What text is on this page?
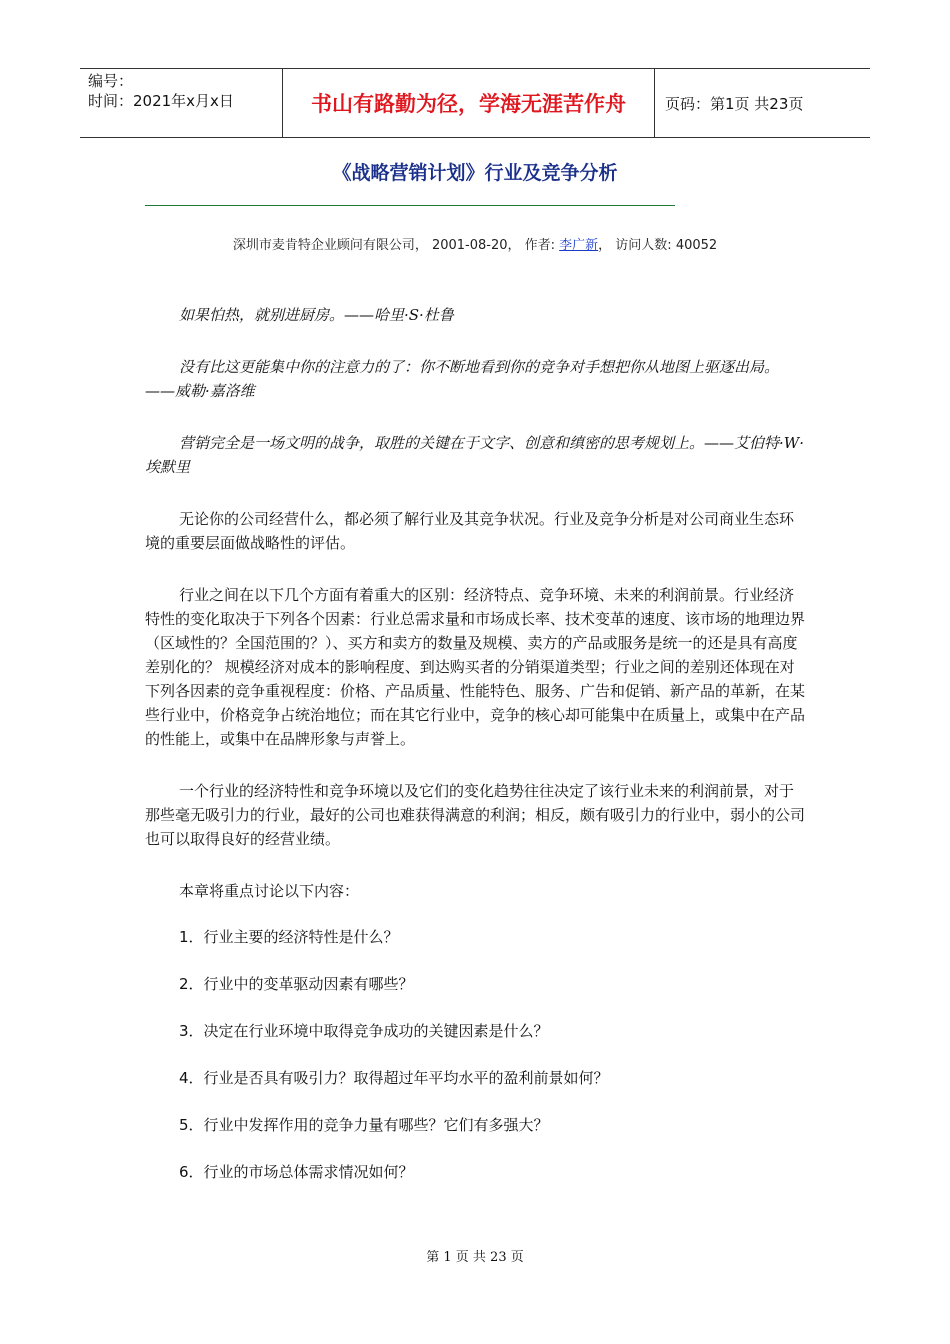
编号：
时间：2021年x月x日	书山有路勤为径，学海无涯苦作舟	页码：第1页 共23页
《战略营销计划》行业及竞争分析
深圳市麦肯特企业顾问有限公司， 2001-08-20， 作者: 李广新， 访问人数: 40052

如果怕热，就别进厨房。——哈里·S·杜鲁

没有比这更能集中你的注意力的了：你不断地看到你的竞争对手想把你从地图上驱逐出局。——威勒·嘉洛维

营销完全是一场文明的战争，取胜的关键在于文字、创意和缜密的思考规划上。——艾伯特·W·埃默里

无论你的公司经营什么，都必须了解行业及其竞争状况。行业及竞争分析是对公司商业生态环境的重要层面做战略性的评估。

行业之间在以下几个方面有着重大的区别：经济特点、竞争环境、未来的利润前景。行业经济特性的变化取决于下列各个因素：行业总需求量和市场成长率、技术变革的速度、该市场的地理边界（区域性的？全国范围的？）、买方和卖方的数量及规模、卖方的产品或服务是统一的还是具有高度差别化的？ 规模经济对成本的影响程度、到达购买者的分销渠道类型；行业之间的差别还体现在对下列各因素的竞争重视程度：价格、产品质量、性能特色、服务、广告和促销、新产品的革新，在某些行业中，价格竞争占统治地位；而在其它行业中，竞争的核心却可能集中在质量上，或集中在产品的性能上，或集中在品牌形象与声誉上。

一个行业的经济特性和竞争环境以及它们的变化趋势往往决定了该行业未来的利润前景，对于那些毫无吸引力的行业，最好的公司也难获得满意的利润；相反，颇有吸引力的行业中，弱小的公司也可以取得良好的经营业绩。

本章将重点讨论以下内容：

1．行业主要的经济特性是什么？

2．行业中的变革驱动因素有哪些？

3．决定在行业环境中取得竞争成功的关键因素是什么？

4．行业是否具有吸引力？取得超过年平均水平的盈利前景如何？

5．行业中发挥作用的竞争力量有哪些？它们有多强大？

6．行业的市场总体需求情况如何？

第 1 页 共 23 页
